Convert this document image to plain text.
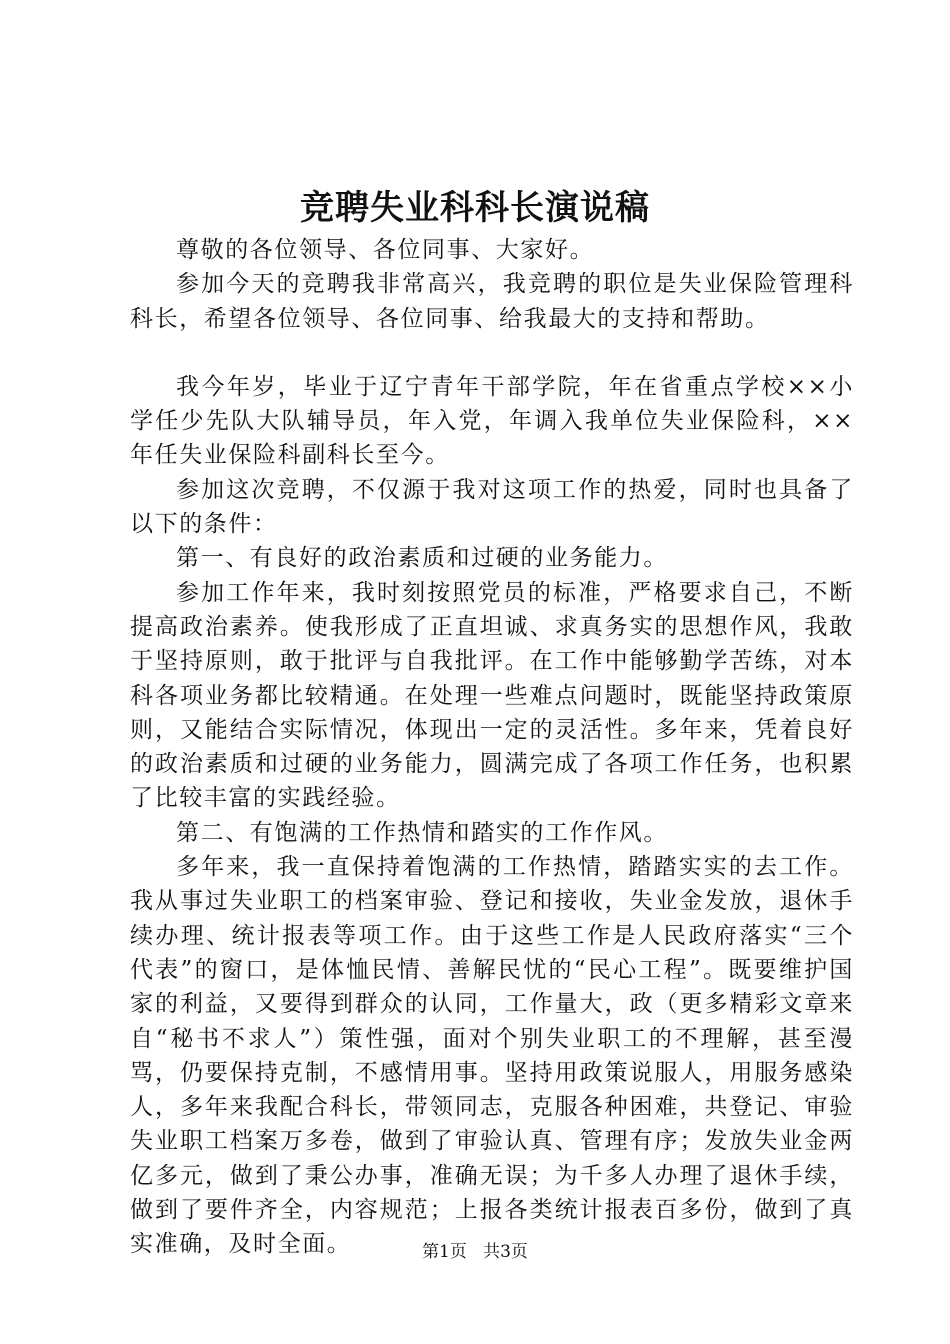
竞聘失业科科长演说稿

尊敬的各位领导、各位同事、大家好。

参加今天的竞聘我非常高兴，我竞聘的职位是失业保险管理科科长，希望各位领导、各位同事、给我最大的支持和帮助。

我今年岁，毕业于辽宁青年干部学院，年在省重点学校××小学任少先队大队辅导员，年入党，年调入我单位失业保险科，××年任失业保险科副科长至今。

参加这次竞聘，不仅源于我对这项工作的热爱，同时也具备了以下的条件：

第一、有良好的政治素质和过硬的业务能力。

参加工作年来，我时刻按照党员的标准，严格要求自己，不断提高政治素养。使我形成了正直坦诚、求真务实的思想作风，我敢于坚持原则，敢于批评与自我批评。在工作中能够勤学苦练，对本科各项业务都比较精通。在处理一些难点问题时，既能坚持政策原则，又能结合实际情况，体现出一定的灵活性。多年来，凭着良好的政治素质和过硬的业务能力，圆满完成了各项工作任务，也积累了比较丰富的实践经验。

第二、有饱满的工作热情和踏实的工作作风。

多年来，我一直保持着饱满的工作热情，踏踏实实的去工作。我从事过失业职工的档案审验、登记和接收，失业金发放，退休手续办理、统计报表等项工作。由于这些工作是人民政府落实“三个代表”的窗口，是体恤民情、善解民忧的“民心工程”。既要维护国家的利益，又要得到群众的认同，工作量大，政（更多精彩文章来自“秘书不求人”）策性强，面对个别失业职工的不理解，甚至漫骂，仍要保持克制，不感情用事。坚持用政策说服人，用服务感染人，多年来我配合科长，带领同志，克服各种困难，共登记、审验失业职工档案万多卷，做到了审验认真、管理有序；发放失业金两亿多元，做到了秉公办事，准确无误；为千多人办理了退休手续，做到了要件齐全，内容规范；上报各类统计报表百多份，做到了真实准确，及时全面。	第1页 共3页
